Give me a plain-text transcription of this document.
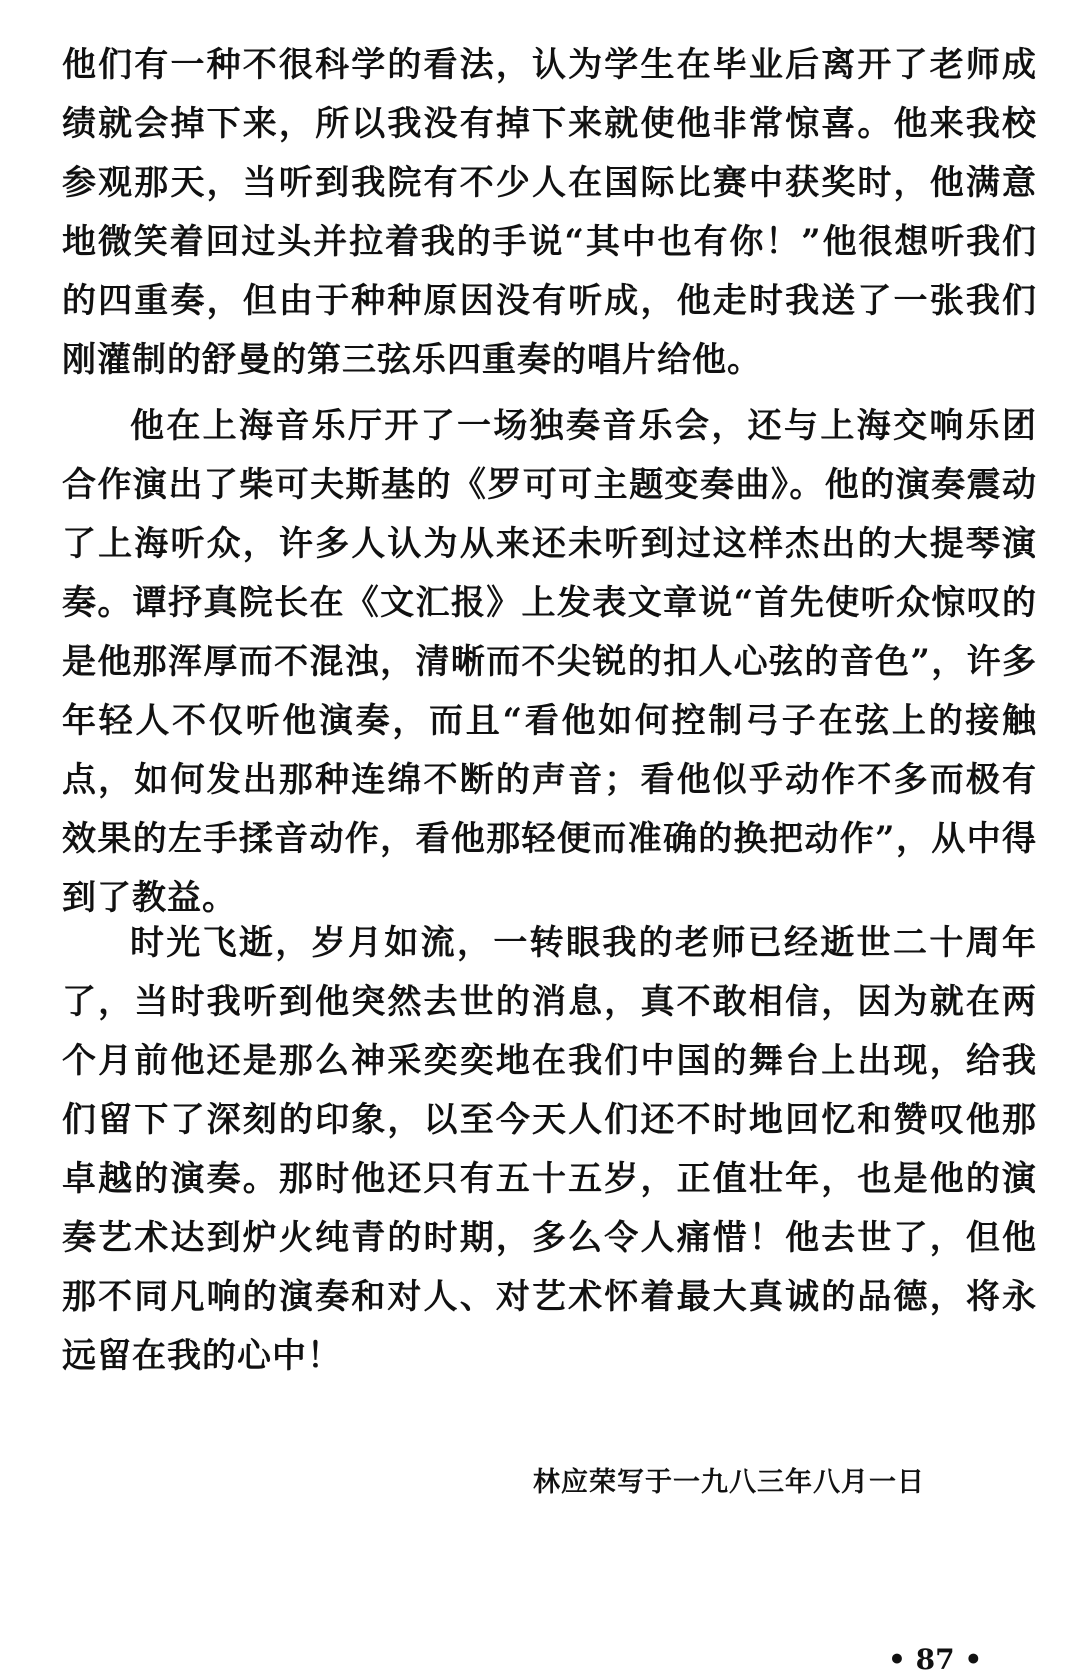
他们有一种不很科学的看法，认为学生在毕业后离开了老师成绩就会掉下来，所以我没有掉下来就使他非常惊喜。他来我校参观那天，当听到我院有不少人在国际比赛中获奖时，他满意地微笑着回过头并拉着我的手说“其中也有你！”他很想听我们的四重奏，但由于种种原因没有听成，他走时我送了一张我们刚灌制的舒曼的第三弦乐四重奏的唱片给他。

他在上海音乐厅开了一场独奏音乐会，还与上海交响乐团合作演出了柴可夫斯基的《罗可可主题变奏曲》。他的演奏震动了上海听众，许多人认为从来还未听到过这样杰出的大提琴演奏。谭抒真院长在《文汇报》上发表文章说“首先使听众惊叹的是他那浑厚而不混浊，清晰而不尖锐的扣人心弦的音色”，许多年轻人不仅听他演奏，而且“看他如何控制弓子在弦上的接触点，如何发出那种连绵不断的声音；看他似乎动作不多而极有效果的左手揉音动作，看他那轻便而准确的换把动作”，从中得到了教益。

时光飞逝，岁月如流，一转眼我的老师已经逝世二十周年了，当时我听到他突然去世的消息，真不敢相信，因为就在两个月前他还是那么神采奕奕地在我们中国的舞台上出现，给我们留下了深刻的印象，以至今天人们还不时地回忆和赞叹他那卓越的演奏。那时他还只有五十五岁，正值壮年，也是他的演奏艺术达到炉火纯青的时期，多么令人痛惜！他去世了，但他那不同凡响的演奏和对人、对艺术怀着最大真诚的品德，将永远留在我的心中！

林应荣写于一九八三年八月一日
• 87 •
